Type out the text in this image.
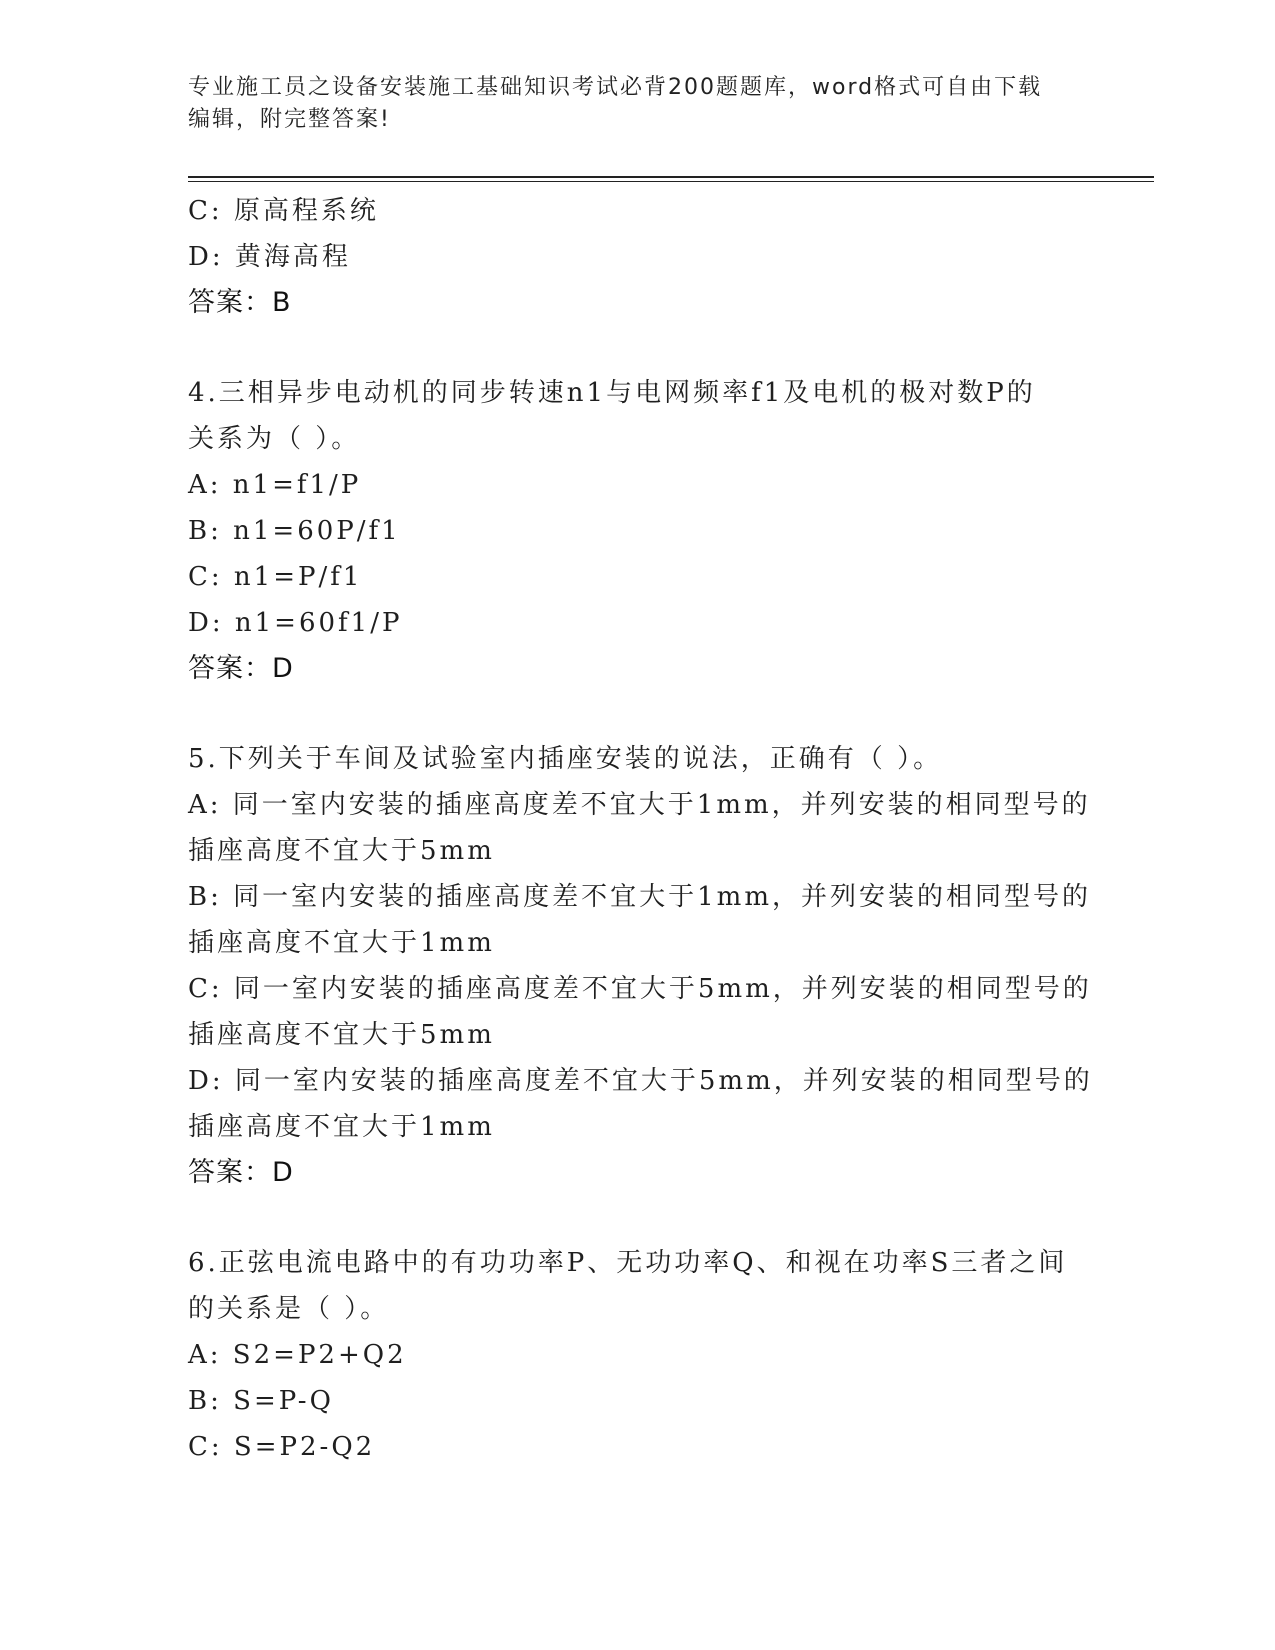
专业施工员之设备安装施工基础知识考试必背200题题库，word格式可自由下载
编辑，附完整答案!
C: 原高程系统
D: 黄海高程
答案：B
4.三相异步电动机的同步转速n1与电网频率f1及电机的极对数P的
关系为（ ）。
A: n1=f1/P
B: n1=60P/f1
C: n1=P/f1
D: n1=60f1/P
答案：D
5.下列关于车间及试验室内插座安装的说法，正确有（ ）。
A: 同一室内安装的插座高度差不宜大于1mm，并列安装的相同型号的
插座高度不宜大于5mm
B: 同一室内安装的插座高度差不宜大于1mm，并列安装的相同型号的
插座高度不宜大于1mm
C: 同一室内安装的插座高度差不宜大于5mm，并列安装的相同型号的
插座高度不宜大于5mm
D: 同一室内安装的插座高度差不宜大于5mm，并列安装的相同型号的
插座高度不宜大于1mm
答案：D
6.正弦电流电路中的有功功率P、无功功率Q、和视在功率S三者之间
的关系是（ ）。
A: S2=P2+Q2
B: S=P-Q
C: S=P2-Q2
